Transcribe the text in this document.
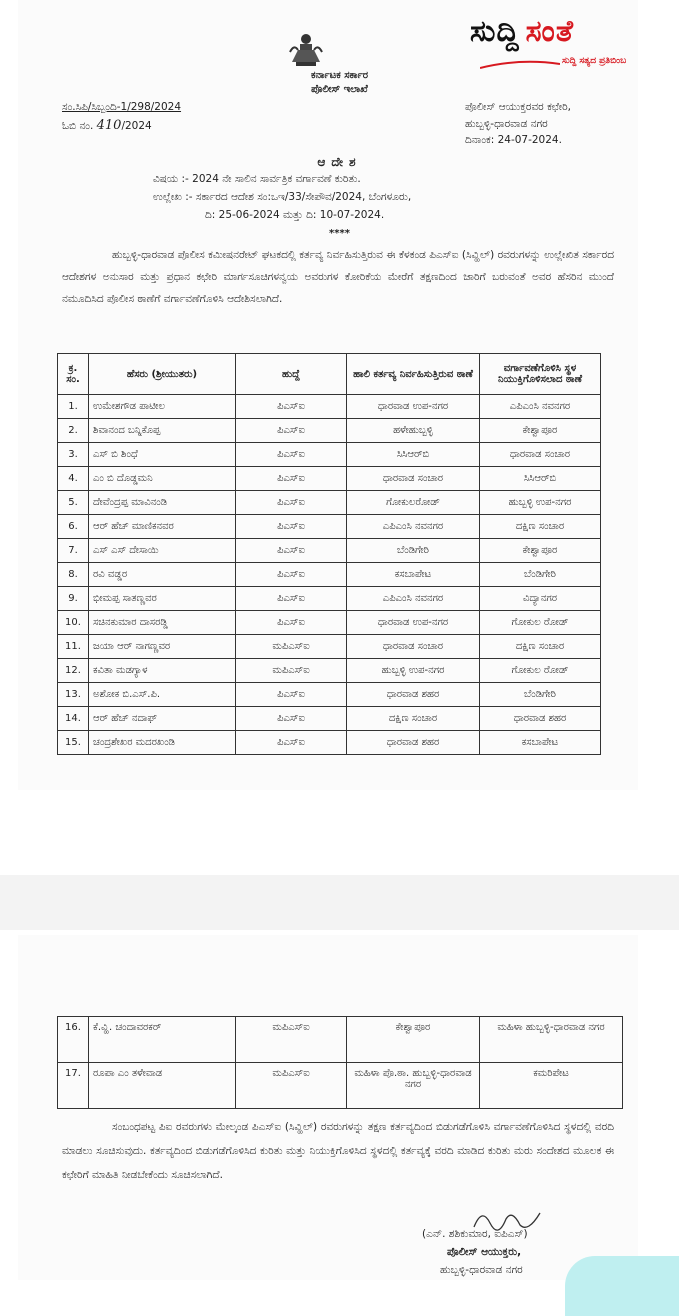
ಸುದ್ದಿ ಸಂತೆ
ಸುದ್ದಿ ಸತ್ಯದ ಪ್ರತಿಬಿಂಬ
ಕರ್ನಾಟಕ ಸರ್ಕಾರ
ಪೊಲೀಸ್ ಇಲಾಖೆ
ಸಂ.ಸಿಪಿ/ಸಿಬ್ಬಂದಿ-1/298/2024
ಓಬಿ ನಂ. 410/2024
ಪೊಲೀಸ್ ಆಯುಕ್ತರವರ ಕಛೇರಿ,
ಹುಬ್ಬಳ್ಳಿ-ಧಾರವಾಡ ನಗರ
ದಿನಾಂಕ: 24-07-2024.
ಆದೇಶ
ವಿಷಯ :- 2024 ನೇ ಸಾಲಿನ ಸಾರ್ವತ್ರಿಕ ವರ್ಗಾವಣೆ ಕುರಿತು.
ಉಲ್ಲೇಖ :- ಸರ್ಕಾರದ ಆದೇಶ ಸಂ:ಒಇ/33/ಸೇಪೌವ/2024, ಬೆಂಗಳೂರು,
ದಿ: 25-06-2024 ಮತ್ತು ದಿ: 10-07-2024.
****
ಹುಬ್ಬಳ್ಳಿ-ಧಾರವಾಡ ಪೊಲೀಸ ಕಮೀಷನರೇಟ್ ಘಟಕದಲ್ಲಿ ಕರ್ತವ್ಯ ನಿರ್ವಹಿಸುತ್ತಿರುವ ಈ ಕೆಳಕಂಡ ಪಿಎಸ್ಐ (ಸಿವ್ಹಿಲ್) ರವರುಗಳನ್ನು ಉಲ್ಲೇಖಿತ ಸರ್ಕಾರದ ಆದೇಶಗಳ ಅನುಸಾರ ಮತ್ತು ಪ್ರಧಾನ ಕಛೇರಿ ಮಾರ್ಗಸೂಚಿಗಳನ್ವಯ ಅವರುಗಳ ಕೋರಿಕೆಯ ಮೇರೆಗೆ ತಕ್ಷಣದಿಂದ ಜಾರಿಗೆ ಬರುವಂತೆ ಅವರ ಹೆಸರಿನ ಮುಂದೆ ನಮೂದಿಸಿದ ಪೊಲೀಸ ಠಾಣೆಗೆ ವರ್ಗಾವಣೆಗೊಳಿಸಿ ಆದೇಶಿಸಲಾಗಿದೆ.
ಕ್ರ. ಸಂ.	ಹೆಸರು (ಶ್ರೀಯುತರು)	ಹುದ್ದೆ	ಹಾಲಿ ಕರ್ತವ್ಯ ನಿರ್ವಹಿಸುತ್ತಿರುವ ಠಾಣೆ	ವರ್ಗಾವಣೆಗೊಳಿಸಿ ಸ್ಥಳ ನಿಯುಕ್ತಿಗೊಳಿಸಲಾದ ಠಾಣೆ
1.	ಉಮೇಶಗೌಡ ಪಾಟೀಲ	ಪಿಎಸ್ಐ	ಧಾರವಾಡ ಉಪ-ನಗರ	ಎಪಿಎಂಸಿ ನವನಗರ
2.	ಶಿವಾನಂದ ಬನ್ನಿಕೊಪ್ಪ	ಪಿಎಸ್ಐ	ಹಳೇಹುಬ್ಬಳ್ಳಿ	ಕೇಶ್ವಾಪೂರ
3.	ಎಸ್ ಬಿ ಶಿಂಧೆ	ಪಿಎಸ್ಐ	ಸಿಸಿಆರ್‌ಬಿ	ಧಾರವಾಡ ಸಂಚಾರ
4.	ಎಂ ಬಿ ದೊಡ್ಡಮನಿ	ಪಿಎಸ್ಐ	ಧಾರವಾಡ ಸಂಚಾರ	ಸಿಸಿಆರ್‌ಬಿ
5.	ದೇವೆಂದ್ರಪ್ಪ ಮಾವಿನಂಡಿ	ಪಿಎಸ್ಐ	ಗೋಕುಲರೋಡ್	ಹುಬ್ಬಳ್ಳಿ ಉಪ-ನಗರ
6.	ಆರ್ ಹೆಚ್ ಮಾಣಿಕನವರ	ಪಿಎಸ್ಐ	ಎಪಿಎಂಸಿ ನವನಗರ	ದಕ್ಷಿಣ ಸಂಚಾರ
7.	ಎಸ್ ಎಸ್ ದೇಸಾಯಿ	ಪಿಎಸ್ಐ	ಬೆಂಡಿಗೇರಿ	ಕೇಶ್ವಾಪೂರ
8.	ರವಿ ವಡ್ಡರ	ಪಿಎಸ್ಐ	ಕಸಬಾಪೇಟ	ಬೆಂಡಿಗೇರಿ
9.	ಭೀಮಪ್ಪ ಸಾತಣ್ಣವರ	ಪಿಎಸ್ಐ	ಎಪಿಎಂಸಿ ನವನಗರ	ವಿದ್ಯಾನಗರ
10.	ಸಚಿನಕುಮಾರ ದಾಸರಡ್ಡಿ	ಪಿಎಸ್ಐ	ಧಾರವಾಡ ಉಪ-ನಗರ	ಗೋಕುಲ ರೋಡ್
11.	ಜಯಾ ಆರ್ ನಾಗಣ್ಣವರ	ಮಪಿಎಸ್ಐ	ಧಾರವಾಡ ಸಂಚಾರ	ದಕ್ಷಿಣ ಸಂಚಾರ
12.	ಕವಿತಾ ಮಡಗ್ಯಾಳ	ಮಪಿಎಸ್ಐ	ಹುಬ್ಬಳ್ಳಿ ಉಪ-ನಗರ	ಗೋಕುಲ ರೋಡ್
13.	ಅಶೋಕ ಬಿ.ಎಸ್.ಪಿ.	ಪಿಎಸ್ಐ	ಧಾರವಾಡ ಶಹರ	ಬೆಂಡಿಗೇರಿ
14.	ಆರ್ ಹೆಚ್ ನದಾಫ್	ಪಿಎಸ್ಐ	ದಕ್ಷಿಣ ಸಂಚಾರ	ಧಾರವಾಡ ಶಹರ
15.	ಚಂದ್ರಶೇಖರ ಮದರಖಂಡಿ	ಪಿಎಸ್ಐ	ಧಾರವಾಡ ಶಹರ	ಕಸಬಾಪೇಟ
16.	ಕೆ.ವ್ಹಿ. ಚಂದಾವರಕರ್	ಮಪಿಎಸ್ಐ	ಕೇಶ್ವಾಪೂರ	ಮಹಿಳಾ ಹುಬ್ಬಳ್ಳಿ-ಧಾರವಾಡ ನಗರ
17.	ರೂಪಾ ಎಂ ತಳೇವಾಡ	ಮಪಿಎಸ್ಐ	ಮಹಿಳಾ ಪೊ.ಠಾ. ಹುಬ್ಬಳ್ಳಿ-ಧಾರವಾಡ ನಗರ	ಕಮರಿಪೇಟ
ಸಂಬಂಧಪಟ್ಟ ಪಿಐ ರವರುಗಳು ಮೇಲ್ಕಂಡ ಪಿಎಸ್ಐ (ಸಿವ್ಹಿಲ್) ರವರುಗಳನ್ನು ತಕ್ಷಣ ಕರ್ತವ್ಯದಿಂದ ಬಿಡುಗಡೆಗೊಳಿಸಿ ವರ್ಗಾವಣೆಗೊಳಿಸಿದ ಸ್ಥಳದಲ್ಲಿ ವರದಿ ಮಾಡಲು ಸೂಚಿಸುವುದು. ಕರ್ತವ್ಯದಿಂದ ಬಿಡುಗಡೆಗೊಳಿಸಿದ ಕುರಿತು ಮತ್ತು ನಿಯುಕ್ತಿಗೊಳಿಸಿದ ಸ್ಥಳದಲ್ಲಿ ಕರ್ತವ್ಯಕ್ಕೆ ವರದಿ ಮಾಡಿದ ಕುರಿತು ಮರು ಸಂದೇಶದ ಮೂಲಕ ಈ ಕಛೇರಿಗೆ ಮಾಹಿತಿ ನೀಡಬೇಕೆಂದು ಸೂಚಿಸಲಾಗಿದೆ.
(ಎನ್. ಶಶಿಕುಮಾರ, ಐಪಿಎಸ್)
ಪೊಲೀಸ್ ಆಯುಕ್ತರು,
ಹುಬ್ಬಳ್ಳಿ-ಧಾರವಾಡ ನಗರ
